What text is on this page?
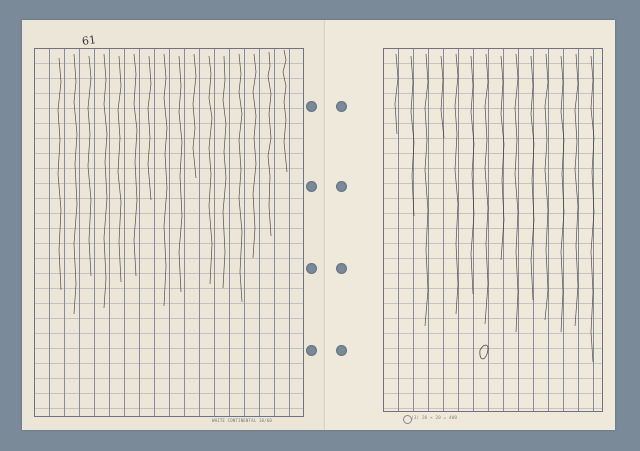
61
WHITE CONTINENTAL 10/60	(3) 20 × 20 = 400
